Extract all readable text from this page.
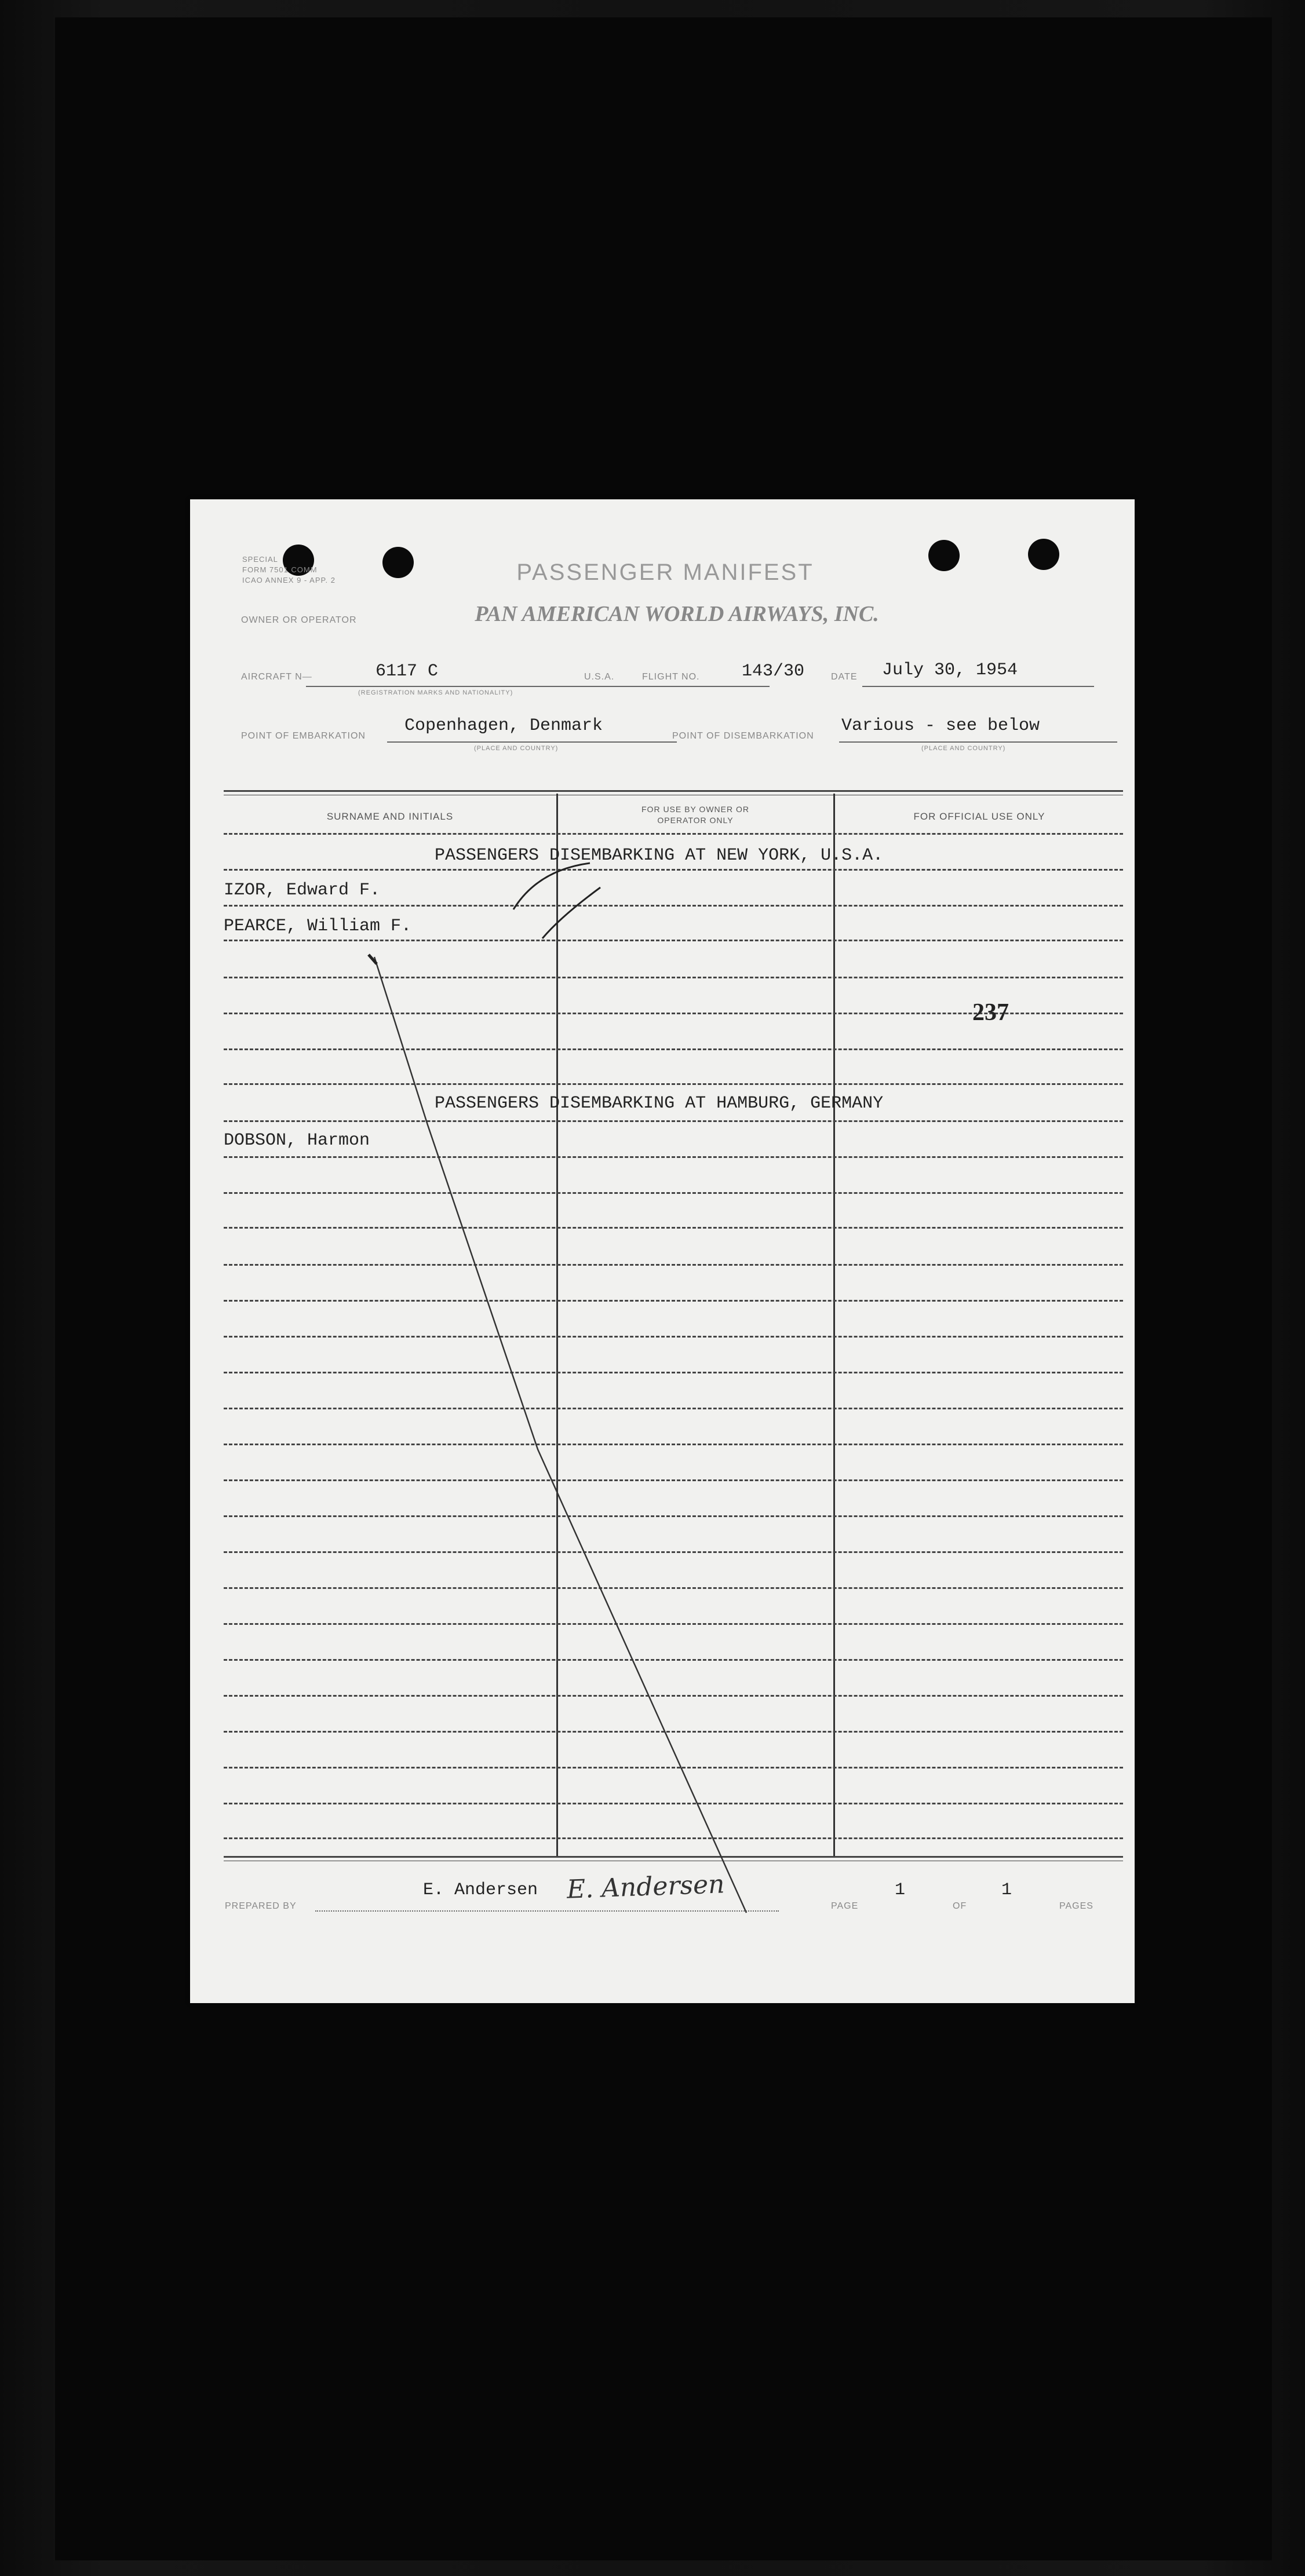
SPECIAL
FORM 7501 COMM
ICAO ANNEX 9 - APP. 2	PASSENGER MANIFEST
OWNER OR OPERATOR	PAN AMERICAN WORLD AIRWAYS, INC.
AIRCRAFT N—	6117 C
(REGISTRATION MARKS AND NATIONALITY)
U.S.A.	FLIGHT NO. 143/30	DATE July 30, 1954
POINT OF EMBARKATION
Copenhagen, Denmark
(PLACE AND COUNTRY)
POINT OF DISEMBARKATION
Various - see below
(PLACE AND COUNTRY)
SURNAME AND INITIALS
FOR USE BY OWNER OR OPERATOR ONLY	FOR OFFICIAL USE ONLY
PASSENGERS DISEMBARKING AT NEW YORK, U.S.A.
IZOR, Edward F.
PEARCE, William F.
237
PASSENGERS DISEMBARKING AT HAMBURG, GERMANY
DOBSON, Harmon
PREPARED BY
E. Andersen E. Andersen
PAGE
1
OF
1
PAGES
